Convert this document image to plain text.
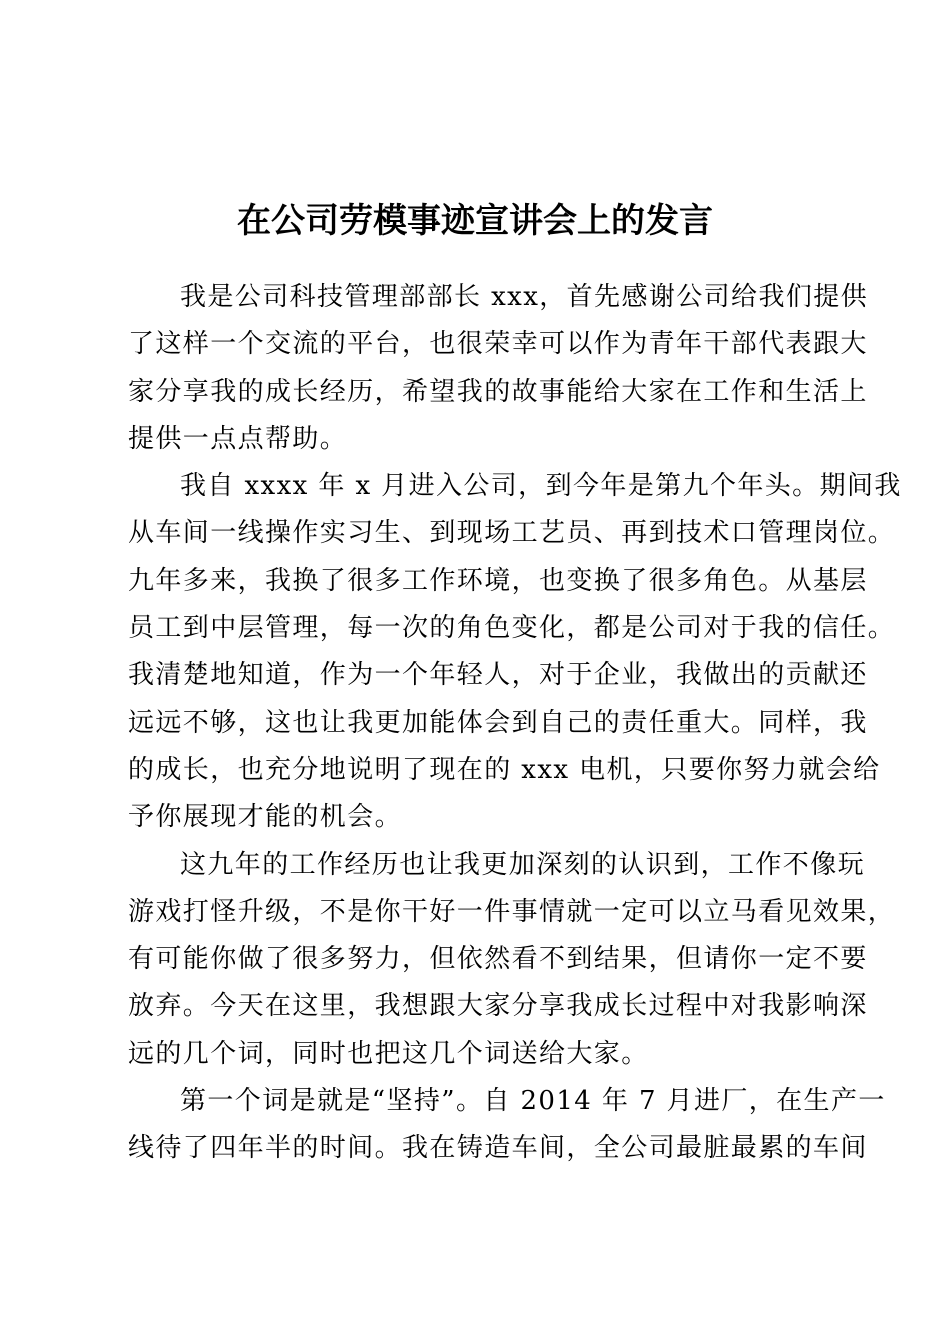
在公司劳模事迹宣讲会上的发言
我是公司科技管理部部长 xxx，首先感谢公司给我们提供
了这样一个交流的平台，也很荣幸可以作为青年干部代表跟大
家分享我的成长经历，希望我的故事能给大家在工作和生活上
提供一点点帮助。
我自 xxxx 年 x 月进入公司，到今年是第九个年头。期间我
从车间一线操作实习生、到现场工艺员、再到技术口管理岗位。
九年多来，我换了很多工作环境，也变换了很多角色。从基层
员工到中层管理，每一次的角色变化，都是公司对于我的信任。
我清楚地知道，作为一个年轻人，对于企业，我做出的贡献还
远远不够，这也让我更加能体会到自己的责任重大。同样，我
的成长，也充分地说明了现在的 xxx 电机，只要你努力就会给
予你展现才能的机会。
这九年的工作经历也让我更加深刻的认识到，工作不像玩
游戏打怪升级，不是你干好一件事情就一定可以立马看见效果，
有可能你做了很多努力，但依然看不到结果，但请你一定不要
放弃。今天在这里，我想跟大家分享我成长过程中对我影响深
远的几个词，同时也把这几个词送给大家。
第一个词是就是“坚持”。自 2014 年 7 月进厂，在生产一
线待了四年半的时间。我在铸造车间，全公司最脏最累的车间
